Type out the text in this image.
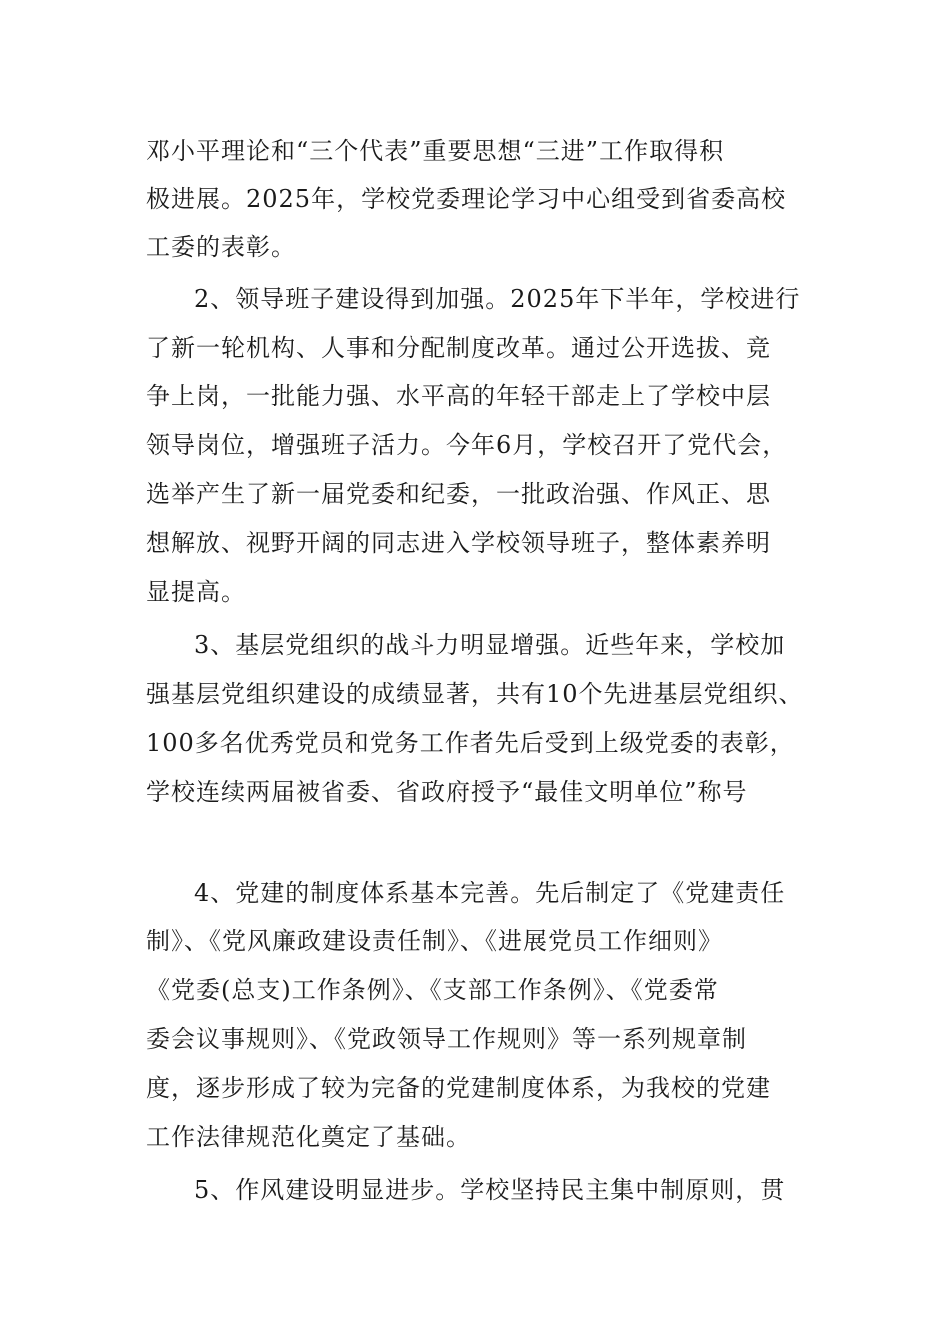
邓小平理论和“三个代表”重要思想“三进”工作取得积
极进展。2025年，学校党委理论学习中心组受到省委高校
工委的表彰。
2、领导班子建设得到加强。2025年下半年，学校进行
了新一轮机构、人事和分配制度改革。通过公开选拔、竞
争上岗，一批能力强、水平高的年轻干部走上了学校中层
领导岗位，增强班子活力。今年6月，学校召开了党代会，
选举产生了新一届党委和纪委，一批政治强、作风正、思
想解放、视野开阔的同志进入学校领导班子，整体素养明
显提高。
3、基层党组织的战斗力明显增强。近些年来，学校加
强基层党组织建设的成绩显著，共有10个先进基层党组织、
100多名优秀党员和党务工作者先后受到上级党委的表彰，
学校连续两届被省委、省政府授予“最佳文明单位”称号
4、党建的制度体系基本完善。先后制定了《党建责任
制》、《党风廉政建设责任制》、《进展党员工作细则》
《党委(总支)工作条例》、《支部工作条例》、《党委常
委会议事规则》、《党政领导工作规则》等一系列规章制
度，逐步形成了较为完备的党建制度体系，为我校的党建
工作法律规范化奠定了基础。
5、作风建设明显进步。学校坚持民主集中制原则，贯
